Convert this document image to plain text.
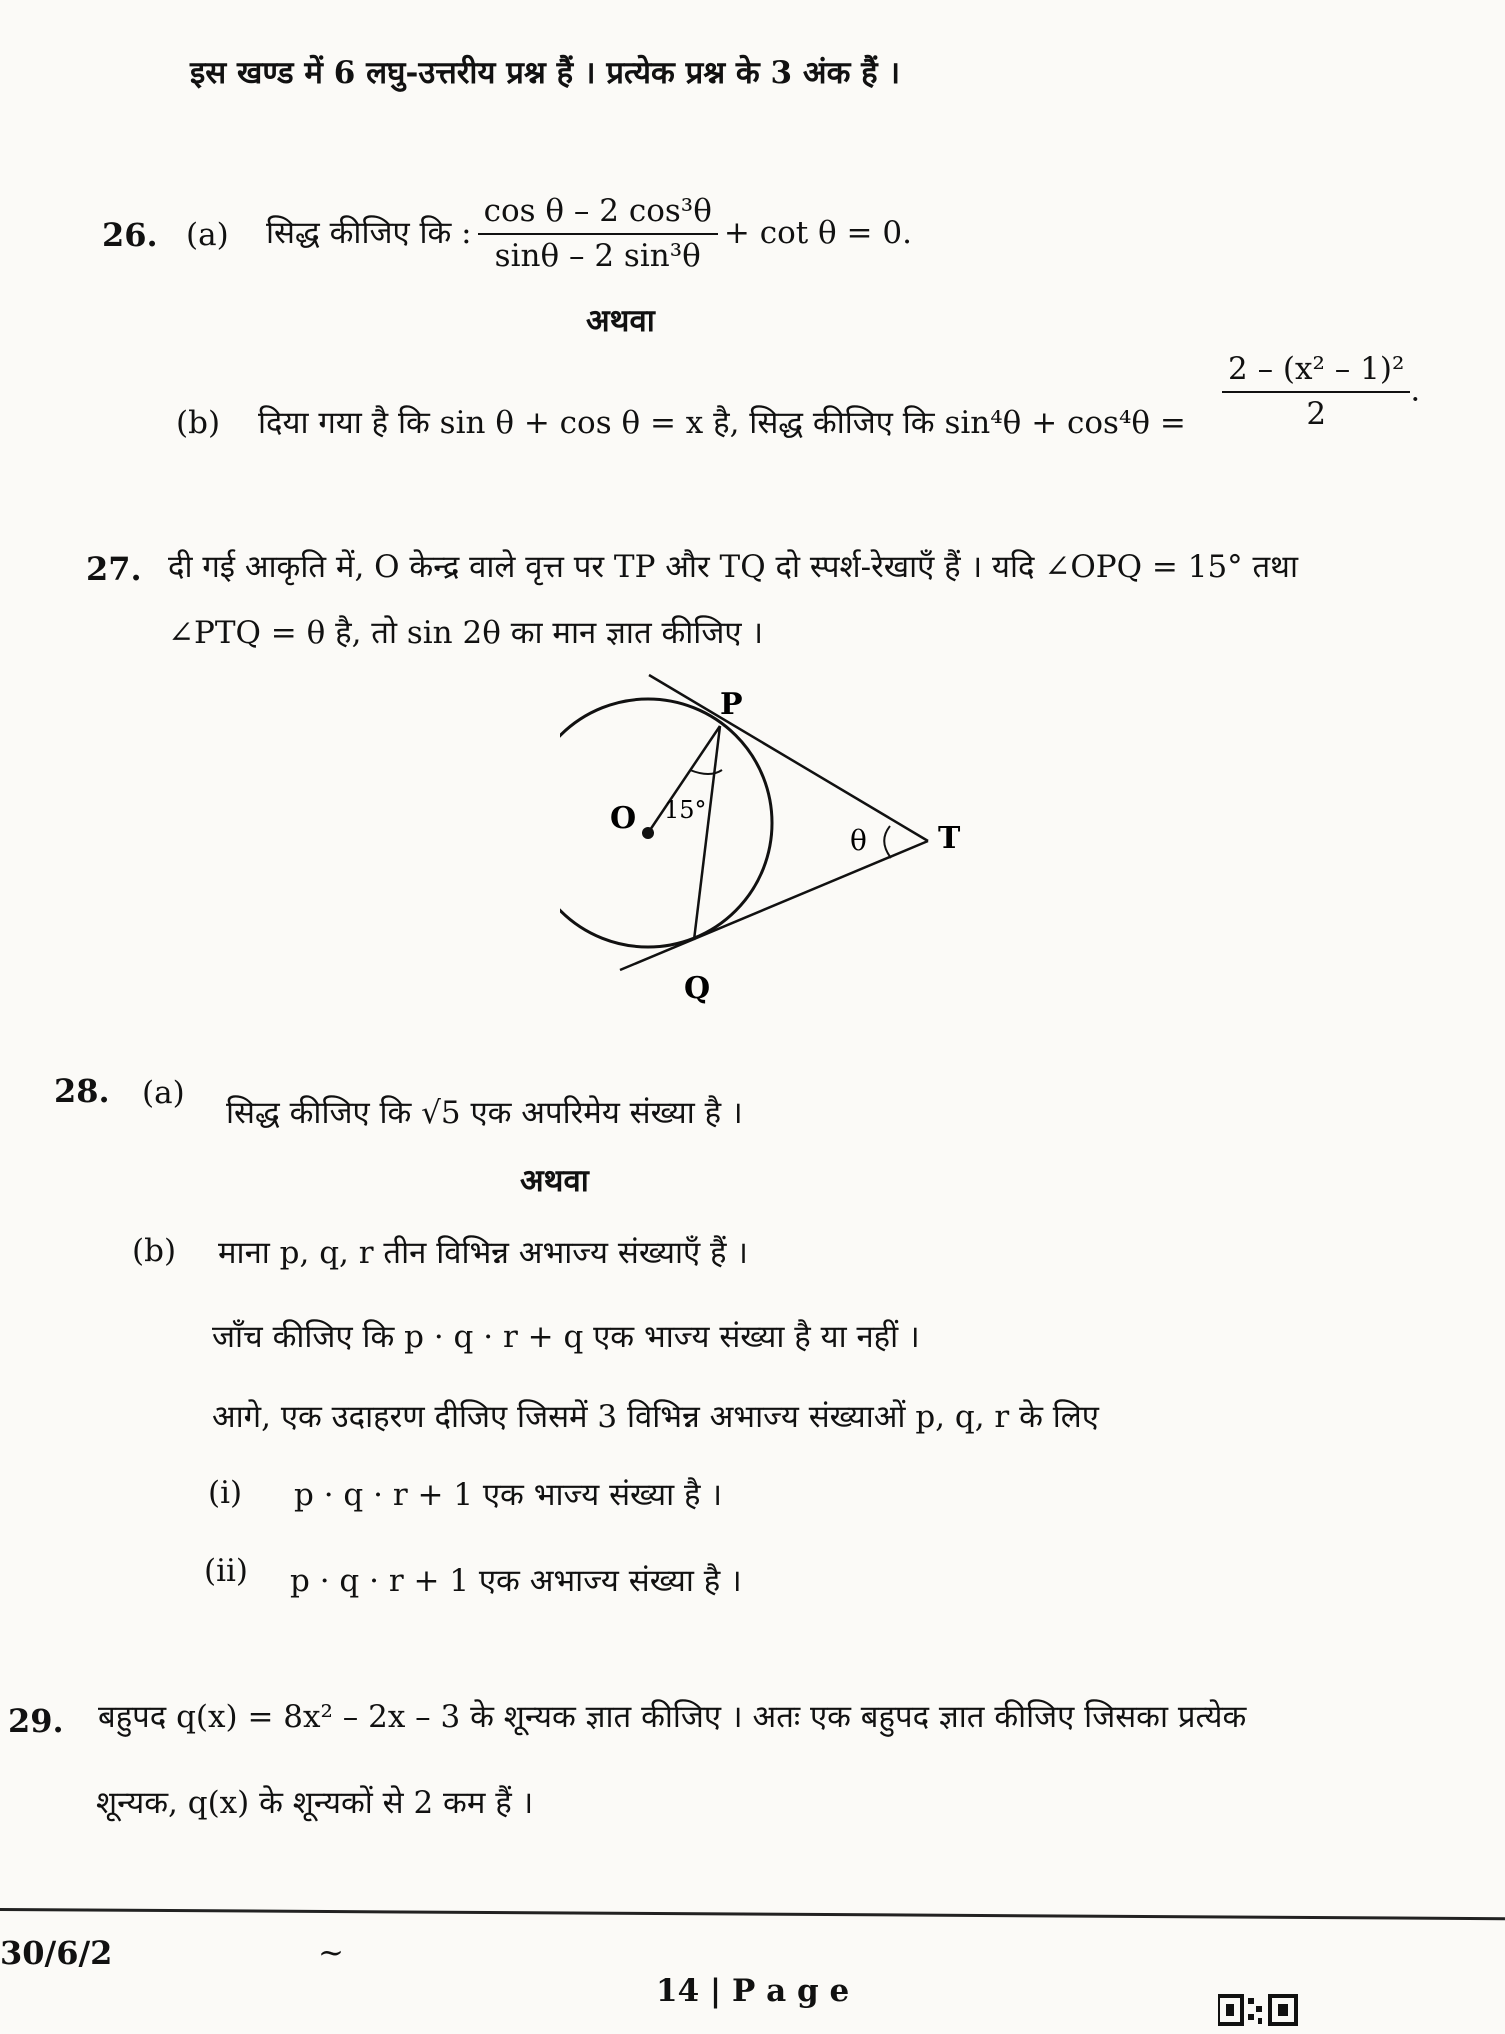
इस खण्ड में 6 लघु-उत्तरीय प्रश्न हैं । प्रत्येक प्रश्न के 3 अंक हैं ।
26. (a) सिद्ध कीजिए कि : $\frac{\text{cos θ – 2 cos³θ}}{\text{sinθ – 2 sin³θ}} + \cot \theta = 0$.
अथवा
(b) दिया गया है कि sin θ + cos θ = x है, सिद्ध कीजिए कि $\sin^4\theta + \cos^4\theta = \frac{\text{2 – (x² – 1)²}}{2}$ .
27. दी गई आकृति में, O केन्द्र वाले वृत्त पर TP और TQ दो स्पर्श-रेखाएँ हैं । यदि ∠OPQ = 15° तथा
∠PTQ = θ है, तो sin 2θ का मान ज्ञात कीजिए ।
P
Q
O
T
θ
15°
28. (a)
सिद्ध कीजिए कि √5 एक अपरिमेय संख्या है ।
अथवा
(b) माना p, q, r तीन विभिन्न अभाज्य संख्याएँ हैं ।
जाँच कीजिए कि p · q · r + q एक भाज्य संख्या है या नहीं ।
आगे, एक उदाहरण दीजिए जिसमें 3 विभिन्न अभाज्य संख्याओं p, q, r के लिए
(i) p · q · r + 1 एक भाज्य संख्या है ।
(ii) p · q · r + 1 एक अभाज्य संख्या है ।
29. बहुपद q(x) = 8x² – 2x – 3 के शून्यक ज्ञात कीजिए । अतः एक बहुपद ज्ञात कीजिए जिसका प्रत्येक
शून्यक, q(x) के शून्यकों से 2 कम हैं ।
30/6/2	~
14 | P a g e
